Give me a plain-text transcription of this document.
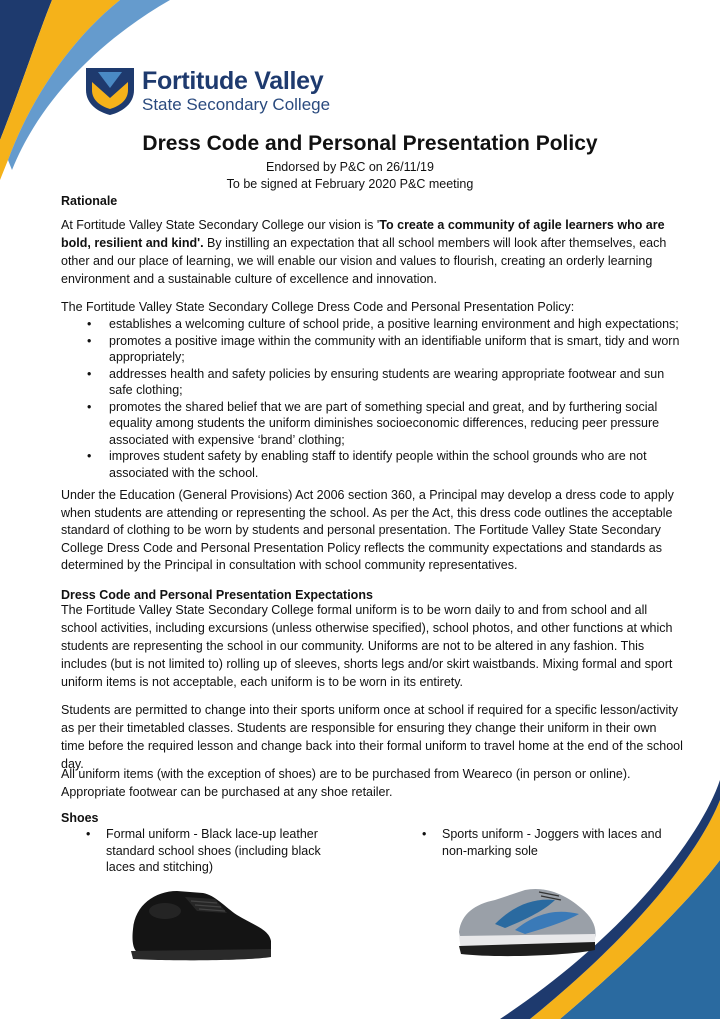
Fortitude Valley
State Secondary College
Dress Code and Personal Presentation Policy
Endorsed by P&C on 26/11/19
To be signed at February 2020 P&C meeting

Rationale

At Fortitude Valley State Secondary College our vision is 'To create a community of agile learners who are bold, resilient and kind'. By instilling an expectation that all school members will look after themselves, each other and our place of learning, we will enable our vision and values to flourish, creating an orderly learning environment and a sustainable culture of excellence and innovation.

The Fortitude Valley State Secondary College Dress Code and Personal Presentation Policy:

• establishes a welcoming culture of school pride, a positive learning environment and high expectations;
• promotes a positive image within the community with an identifiable uniform that is smart, tidy and worn appropriately;
• addresses health and safety policies by ensuring students are wearing appropriate footwear and sun safe clothing;
• promotes the shared belief that we are part of something special and great, and by furthering social equality among students the uniform diminishes socioeconomic differences, reducing peer pressure associated with expensive ‘brand’ clothing;
• improves student safety by enabling staff to identify people within the school grounds who are not associated with the school.

Under the Education (General Provisions) Act 2006 section 360, a Principal may develop a dress code to apply when students are attending or representing the school. As per the Act, this dress code outlines the acceptable standard of clothing to be worn by students and personal presentation. The Fortitude Valley State Secondary College Dress Code and Personal Presentation Policy reflects the community expectations and standards as determined by the Principal in consultation with school community representatives.

Dress Code and Personal Presentation Expectations

The Fortitude Valley State Secondary College formal uniform is to be worn daily to and from school and all school activities, including excursions (unless otherwise specified), school photos, and other functions at which students are representing the school in our community. Uniforms are not to be altered in any fashion. This includes (but is not limited to) rolling up of sleeves, shorts legs and/or skirt waistbands. Mixing formal and sport uniform items is not acceptable, each uniform is to be worn in its entirety.

Students are permitted to change into their sports uniform once at school if required for a specific lesson/activity as per their timetabled classes. Students are responsible for ensuring they change their uniform in their own time before the required lesson and change back into their formal uniform to travel home at the end of the school day.

All uniform items (with the exception of shoes) are to be purchased from Weareco (in person or online). Appropriate footwear can be purchased at any shoe retailer.

Shoes

• Formal uniform - Black lace-up leather standard school shoes (including black laces and stitching)
• Sports uniform - Joggers with laces and non-marking sole
